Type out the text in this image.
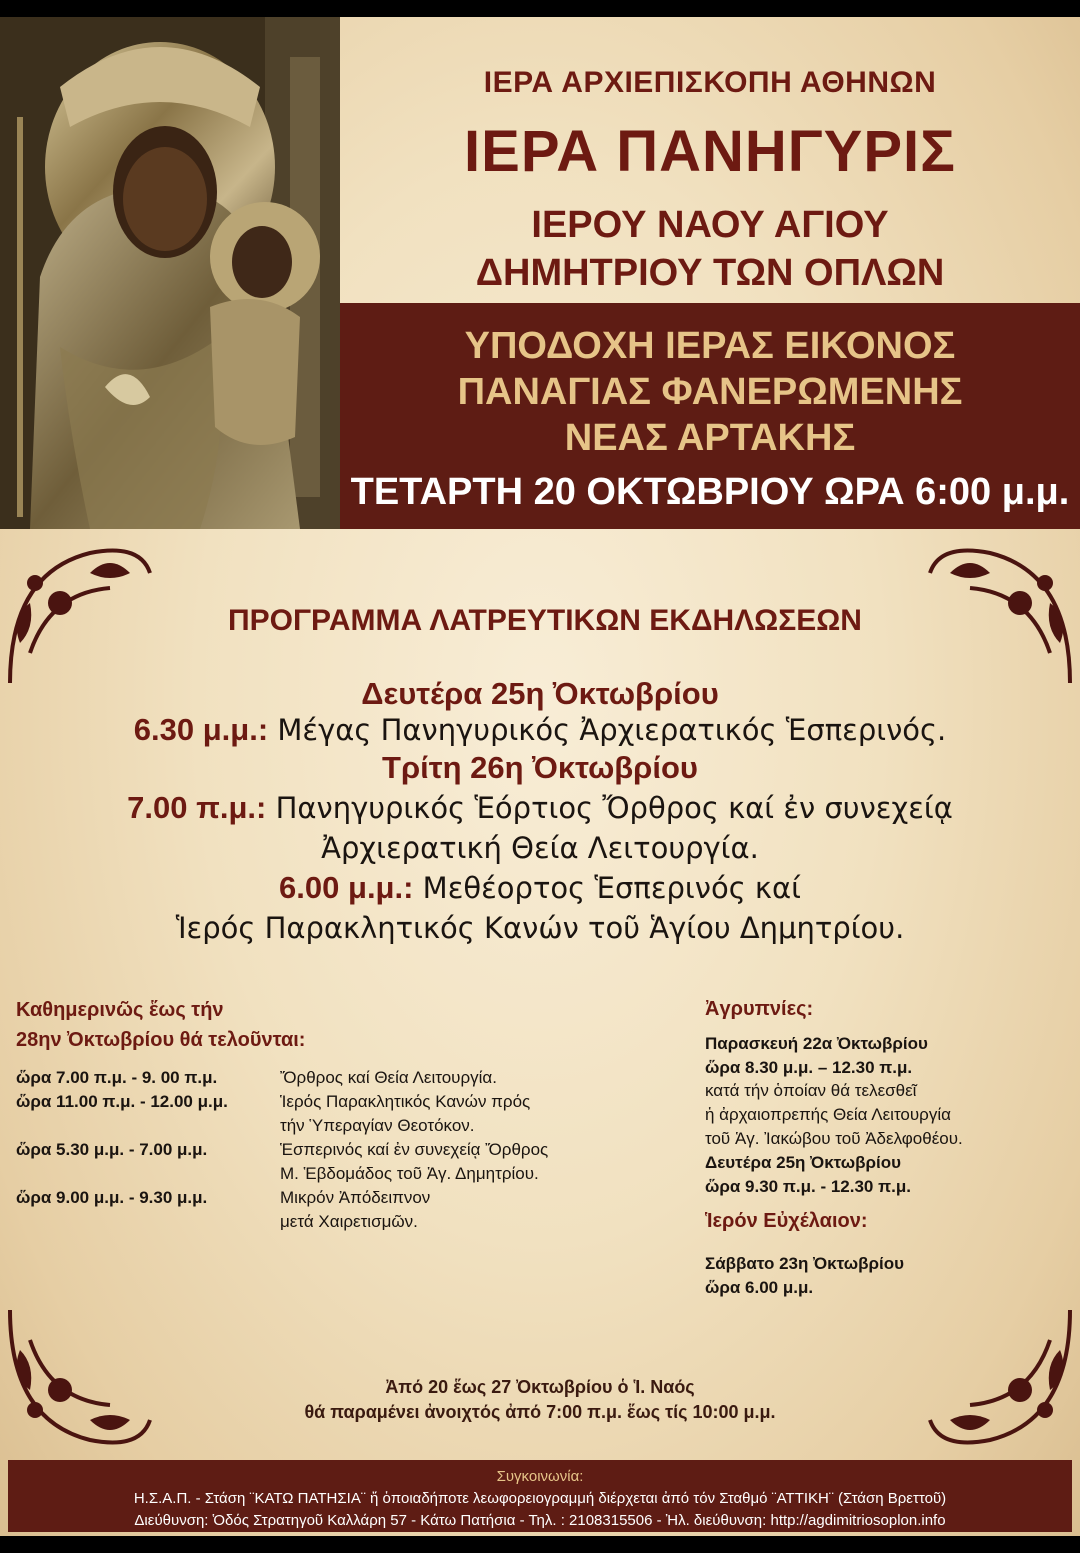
ΙΕΡΑ ΑΡΧΙΕΠΙΣΚΟΠΗ ΑΘΗΝΩΝ
ΙΕΡΑ ΠΑΝΗΓΥΡΙΣ
ΙΕΡΟΥ ΝΑΟΥ ΑΓΙΟΥ
ΔΗΜΗΤΡΙΟΥ ΤΩΝ ΟΠΛΩΝ
ΥΠΟΔΟΧΗ ΙΕΡΑΣ ΕΙΚΟΝΟΣ
ΠΑΝΑΓΙΑΣ ΦΑΝΕΡΩΜΕΝΗΣ
ΝΕΑΣ ΑΡΤΑΚΗΣ
ΤΕΤΑΡΤΗ 20 ΟΚΤΩΒΡΙΟΥ ΩΡΑ 6:00 μ.μ.
ΠΡΟΓΡΑΜΜΑ ΛΑΤΡΕΥΤΙΚΩΝ ΕΚΔΗΛΩΣΕΩΝ
Δευτέρα 25η Ὀκτωβρίου
6.30 μ.μ.: Μέγας Πανηγυρικός Ἀρχιερατικός Ἑσπερινός.
Τρίτη 26η Ὀκτωβρίου
7.00 π.μ.: Πανηγυρικός Ἑόρτιος Ὄρθρος καί ἐν συνεχείᾳ
Ἀρχιερατική Θεία Λειτουργία.
6.00 μ.μ.: Μεθέορτος Ἑσπερινός καί
Ἱερός Παρακλητικός Κανών τοῦ Ἁγίου Δημητρίου.
Καθημερινῶς ἕως τήν
28ην Ὀκτωβρίου θά τελοῦνται:
ὥρα 7.00 π.μ. - 9. 00 π.μ.
ὥρα 11.00 π.μ. - 12.00 μ.μ.
ὥρα 5.30 μ.μ. - 7.00 μ.μ.
ὥρα 9.00 μ.μ. - 9.30 μ.μ.
Ὄρθρος καί Θεία Λειτουργία.
Ἱερός Παρακλητικός Κανών πρός
τήν Ὑπεραγίαν Θεοτόκον.
Ἑσπερινός καί ἐν συνεχείᾳ Ὄρθρος
Μ. Ἑβδομάδος τοῦ Ἁγ. Δημητρίου.
Μικρόν Ἀπόδειπνον
μετά Χαιρετισμῶν.
Ἀγρυπνίες:
Παρασκευή 22α Ὀκτωβρίου
ὥρα 8.30 μ.μ. – 12.30 π.μ.
κατά τήν ὁποίαν θά τελεσθεῖ
ἡ ἀρχαιοπρεπής Θεία Λειτουργία
τοῦ Ἁγ. Ἰακώβου τοῦ Ἀδελφοθέου.
Δευτέρα 25η Ὀκτωβρίου
ὥρα 9.30 π.μ. - 12.30 π.μ.
Ἱερόν Εὐχέλαιον:
Σάββατο 23η Ὀκτωβρίου
ὥρα 6.00 μ.μ.
Ἀπό 20 ἕως 27 Ὀκτωβρίου ὁ Ἱ. Ναός
θά παραμένει ἀνοιχτός ἀπό 7:00 π.μ. ἕως τίς 10:00 μ.μ.
Συγκοινωνία:
Η.Σ.Α.Π. - Στάση ¨ΚΑΤΩ ΠΑΤΗΣΙΑ¨ ἤ ὁποιαδήποτε λεωφορειογραμμή διέρχεται ἀπό τόν Σταθμό ¨ΑΤΤΙΚΗ¨ (Στάση Βρεττοῦ)
Διεύθυνση: Ὁδός Στρατηγοῦ Καλλάρη 57 - Κάτω Πατήσια - Τηλ. : 2108315506 - Ἠλ. διεύθυνση: http://agdimitriosoplon.info
